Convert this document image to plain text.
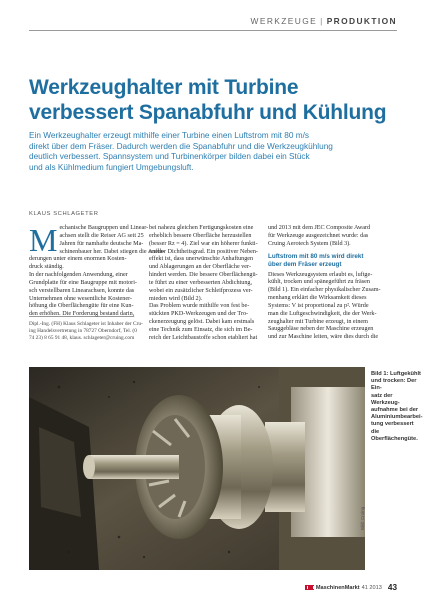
WERKZEUGE | PRODUKTION
Werkzeughalter mit Turbine
verbessert Spanabfuhr und Kühlung
Ein Werkzeughalter erzeugt mithilfe einer Turbine einen Luftstrom mit 80 m/s
direkt über dem Fräser. Dadurch werden die Spanabfuhr und die Werkzeugkühlung
deutlich verbessert. Spannsystem und Turbinenkörper bilden dabei ein Stück
und als Kühlmedium fungiert Umgebungsluft.
KLAUS SCHLAGETER
M echanische Baugruppen und Linear-
achsen stellt die Reiser AG seit 25
Jahren für namhafte deutsche Ma-
schinenbauer her. Dabei stiegen die Anfor-
derungen unter einem enormen Kosten-
druck ständig.
In der nachfolgenden Anwendung, einer
Grundplatte für eine Baugruppe mit motori-
sch verstellbaren Linearachsen, konnte das
Unternehmen ohne wesentliche Kostener-
höhung die Oberflächengüte für eine Kun-
den erhöhen. Die Forderung bestand darin,
Dipl.-Ing. (FH) Klaus Schlageter ist Inhaber der Cru-
ing Handelsvertretung in 78727 Oberndorf, Tel. (0
74 23) 8 65 91 48, klaus. schlageter@cruing.com
bei nahezu gleichen Fertigungskosten eine
erheblich bessere Oberfläche herzustellen
(besser Rz = 4). Ziel war ein höherer funkti-
oneller Dichtheitsgrad. Ein positiver Neben-
effekt ist, dass unerwünschte Anhaftungen
und Ablagerungen an der Oberfläche ver-
hindert werden. Die bessere Oberflächengü-
te führt zu einer verbesserten Abdichtung,
wobei ein zusätzlicher Schleifprozess ver-
mieden wird (Bild 2).
Das Problem wurde mithilfe von fest be-
stückten PKD-Werkzeugen und der Tro-
ckenerzeugung gelöst. Dabei kam erstmals
eine Technik zum Einsatz, die sich im Be-
reich der Leichtbaustoffe schon etabliert hat
und 2013 mit dem JEC Composite Award
für Werkzeuge ausgezeichnet wurde: das
Cruing Aerotech System (Bild 3).
Luftstrom mit 80 m/s wird direkt
über dem Fräser erzeugt
Dieses Werkzeugsystem erlaubt es, luftge-
kühlt, trocken und spänegeführt zu fräsen
(Bild 1). Ein einfacher physikalischer Zusam-
menhang erklärt die Wirksamkeit dieses
Systems: V ist proportional zu p². Würde
man die Luftgeschwindigkeit, die der Werk-
zeughalter mit Turbine erzeugt, in einem
Sauggebläse neben der Maschine erzeugen
und zur Maschine leiten, wäre dies durch die
Bild: Cruing
Bild 1: Luftgekühlt
und trocken: Der Ein-
satz der Werkzeug-
aufnahme bei der
Aluminiumbearbei-
tung verbessert die
Oberflächengüte.
MaschinenMarkt 41 2013 43
